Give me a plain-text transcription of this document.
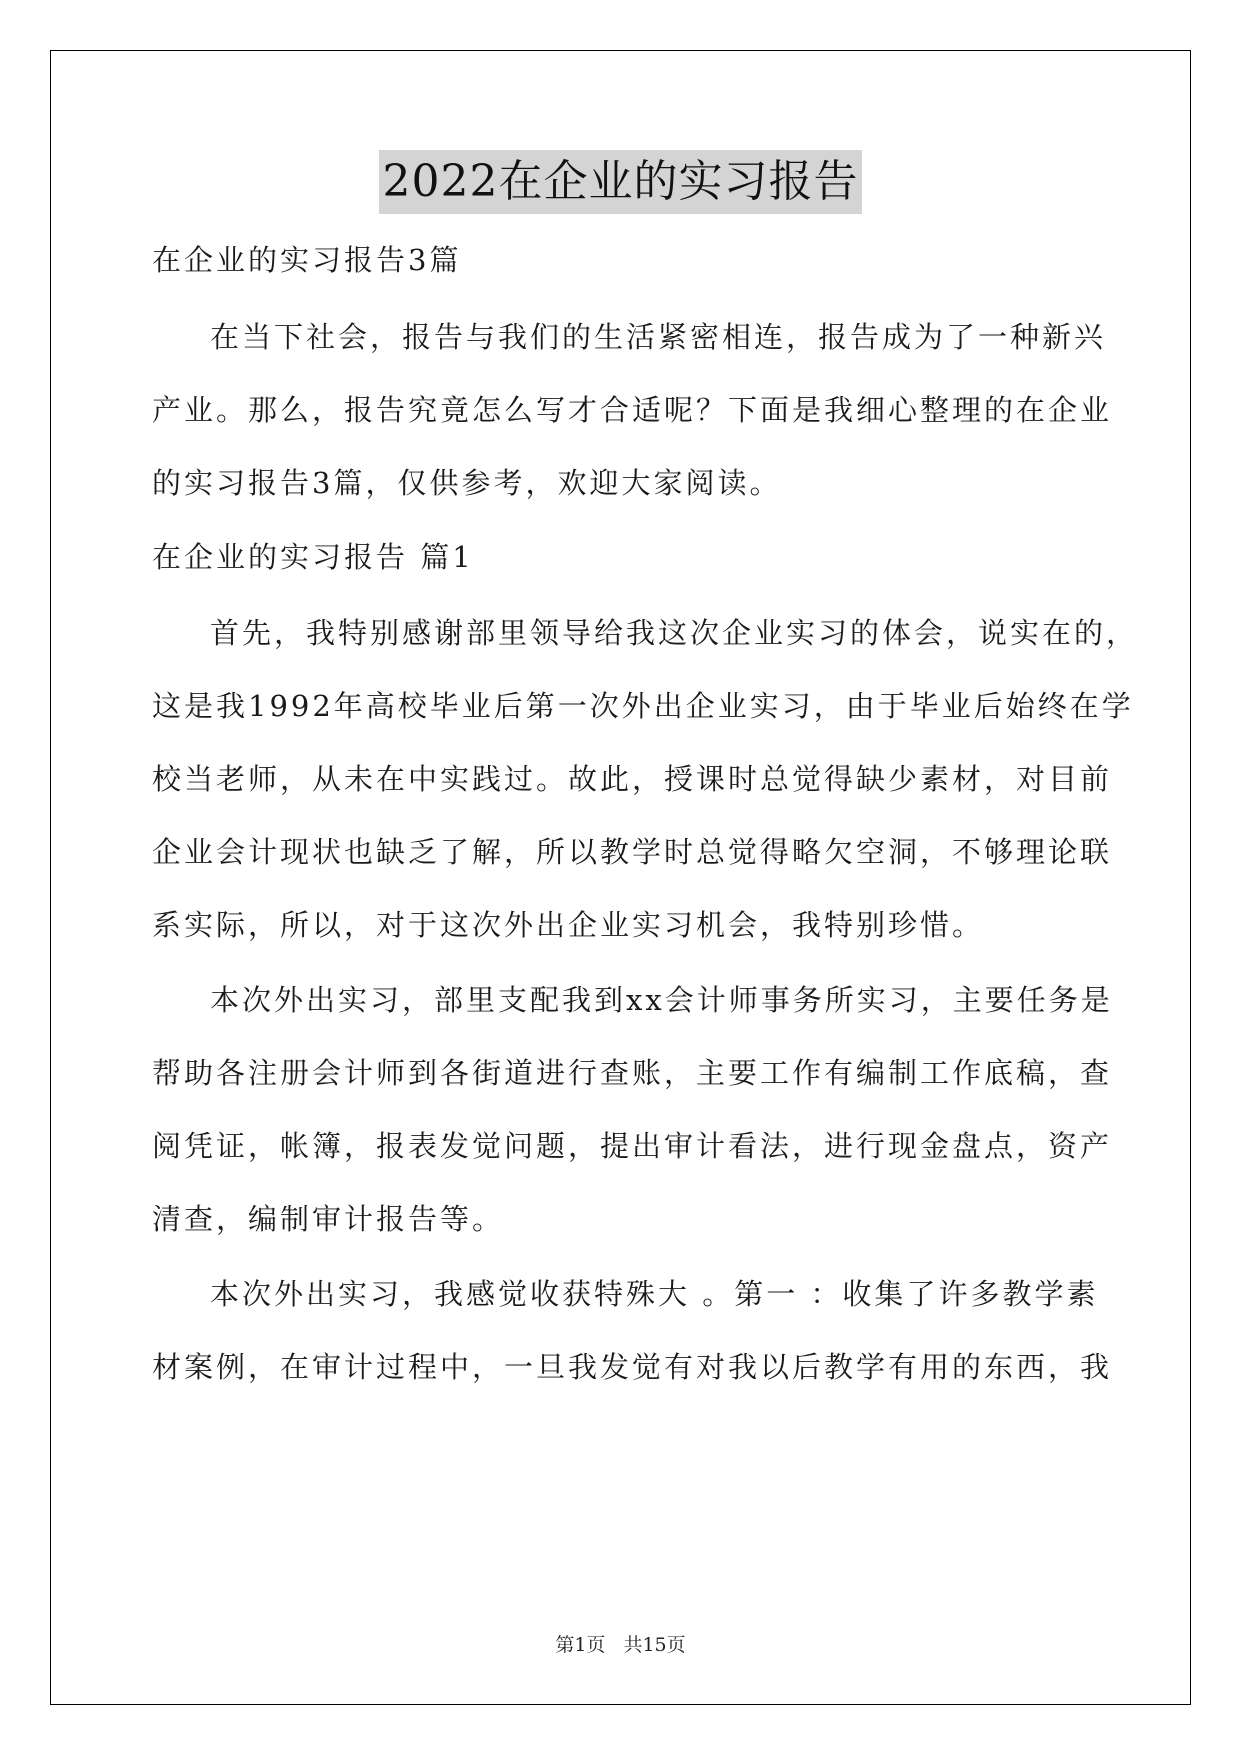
2022在企业的实习报告
在企业的实习报告3篇
在当下社会，报告与我们的生活紧密相连，报告成为了一种新兴
产业。那么，报告究竟怎么写才合适呢？下面是我细心整理的在企业
的实习报告3篇，仅供参考，欢迎大家阅读。
在企业的实习报告 篇1
首先，我特别感谢部里领导给我这次企业实习的体会，说实在的，
这是我1992年高校毕业后第一次外出企业实习，由于毕业后始终在学
校当老师，从未在中实践过。故此，授课时总觉得缺少素材，对目前
企业会计现状也缺乏了解，所以教学时总觉得略欠空洞，不够理论联
系实际，所以，对于这次外出企业实习机会，我特别珍惜。
本次外出实习，部里支配我到xx会计师事务所实习，主要任务是
帮助各注册会计师到各街道进行查账，主要工作有编制工作底稿，查
阅凭证，帐簿，报表发觉问题，提出审计看法，进行现金盘点，资产
清查，编制审计报告等。
本次外出实习，我感觉收获特殊大 。第一 ：收集了许多教学素
材案例，在审计过程中，一旦我发觉有对我以后教学有用的东西，我
第1页 共15页
